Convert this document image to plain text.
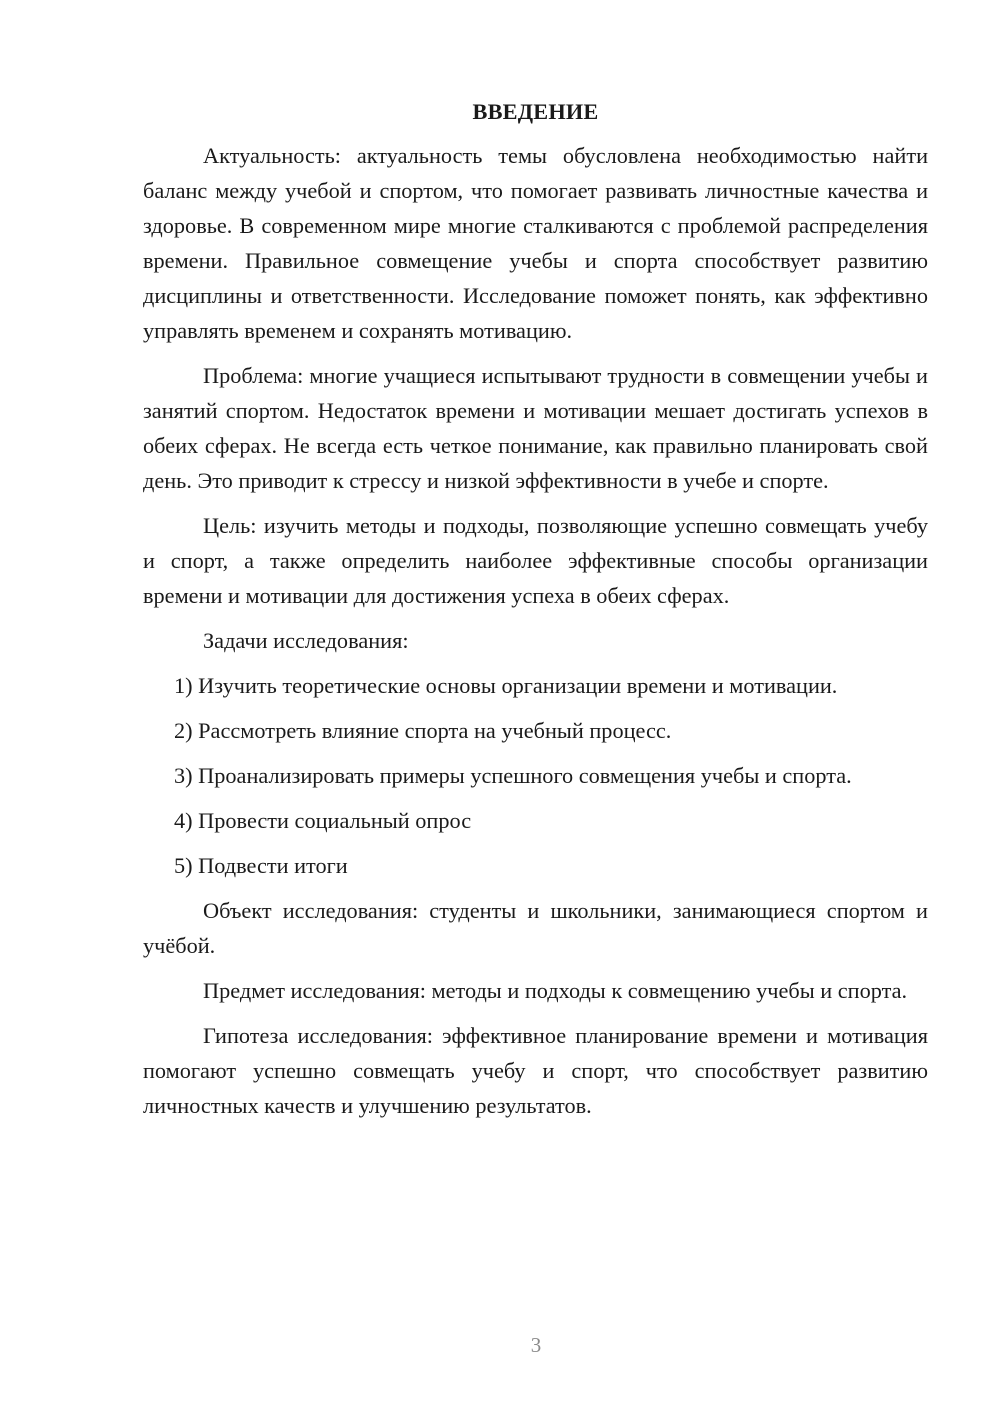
ВВЕДЕНИЕ

Актуальность: актуальность темы обусловлена необходимостью найти баланс между учебой и спортом, что помогает развивать личностные качества и здоровье. В современном мире многие сталкиваются с проблемой распределения времени. Правильное совмещение учебы и спорта способствует развитию дисциплины и ответственности. Исследование поможет понять, как эффективно управлять временем и сохранять мотивацию.

Проблема: многие учащиеся испытывают трудности в совмещении учебы и занятий спортом. Недостаток времени и мотивации мешает достигать успехов в обеих сферах. Не всегда есть четкое понимание, как правильно планировать свой день. Это приводит к стрессу и низкой эффективности в учебе и спорте.

Цель: изучить методы и подходы, позволяющие успешно совмещать учебу и спорт, а также определить наиболее эффективные способы организации времени и мотивации для достижения успеха в обеих сферах.

Задачи исследования:

1) Изучить теоретические основы организации времени и мотивации.

2) Рассмотреть влияние спорта на учебный процесс.

3) Проанализировать примеры успешного совмещения учебы и спорта.

4) Провести социальный опрос

5) Подвести итоги

Объект исследования: студенты и школьники, занимающиеся спортом и учёбой.

Предмет исследования: методы и подходы к совмещению учебы и спорта.

Гипотеза исследования: эффективное планирование времени и мотивация помогают успешно совмещать учебу и спорт, что способствует развитию личностных качеств и улучшению результатов.

3
